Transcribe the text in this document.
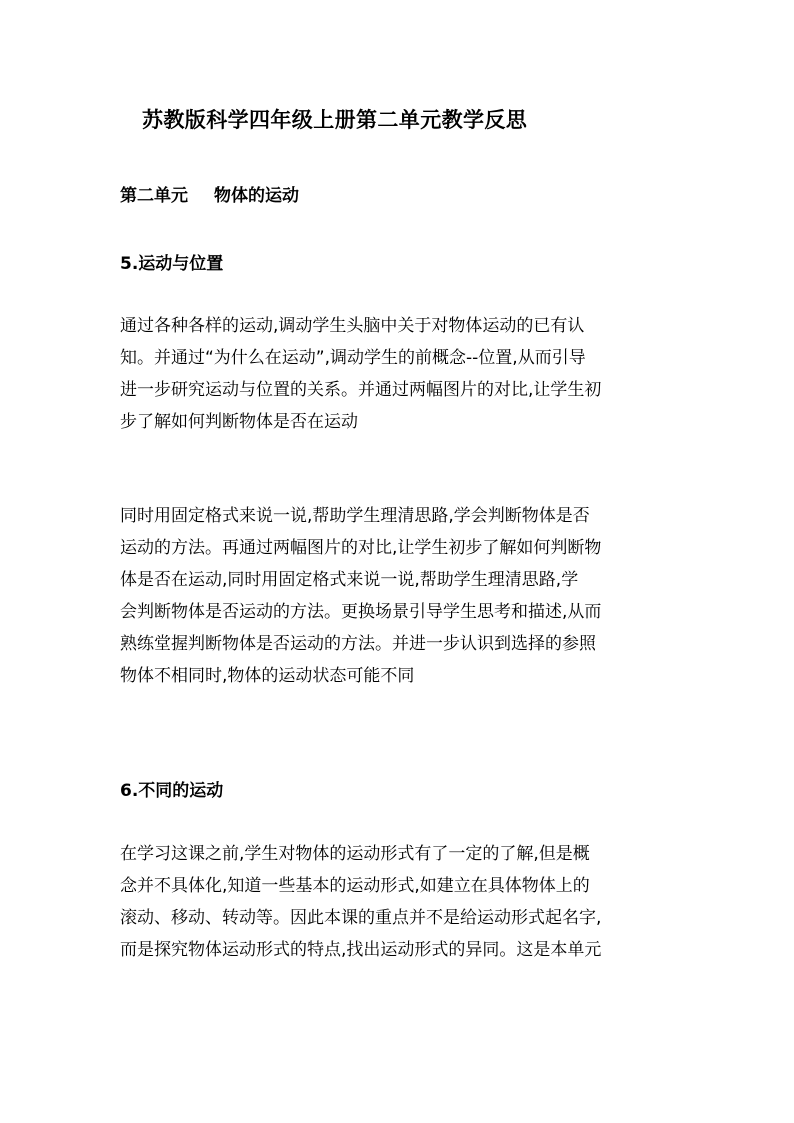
苏教版科学四年级上册第二单元教学反思
第二单元 物体的运动
5.运动与位置
通过各种各样的运动,调动学生头脑中关于对物体运动的已有认
知。并通过“为什么在运动”,调动学生的前概念--位置,从而引导
进一步研究运动与位置的关系。并通过两幅图片的对比,让学生初
步了解如何判断物体是否在运动
同时用固定格式来说一说,帮助学生理清思路,学会判断物体是否
运动的方法。再通过两幅图片的对比,让学生初步了解如何判断物
体是否在运动,同时用固定格式来说一说,帮助学生理清思路,学
会判断物体是否运动的方法。更换场景引导学生思考和描述,从而
熟练堂握判断物体是否运动的方法。并进一步认识到选择的参照
物体不相同时,物体的运动状态可能不同
6.不同的运动
在学习这课之前,学生对物体的运动形式有了一定的了解,但是概
念并不具体化,知道一些基本的运动形式,如建立在具体物体上的
滚动、移动、转动等。因此本课的重点并不是给运动形式起名字,
而是探究物体运动形式的特点,找出运动形式的异同。这是本单元
